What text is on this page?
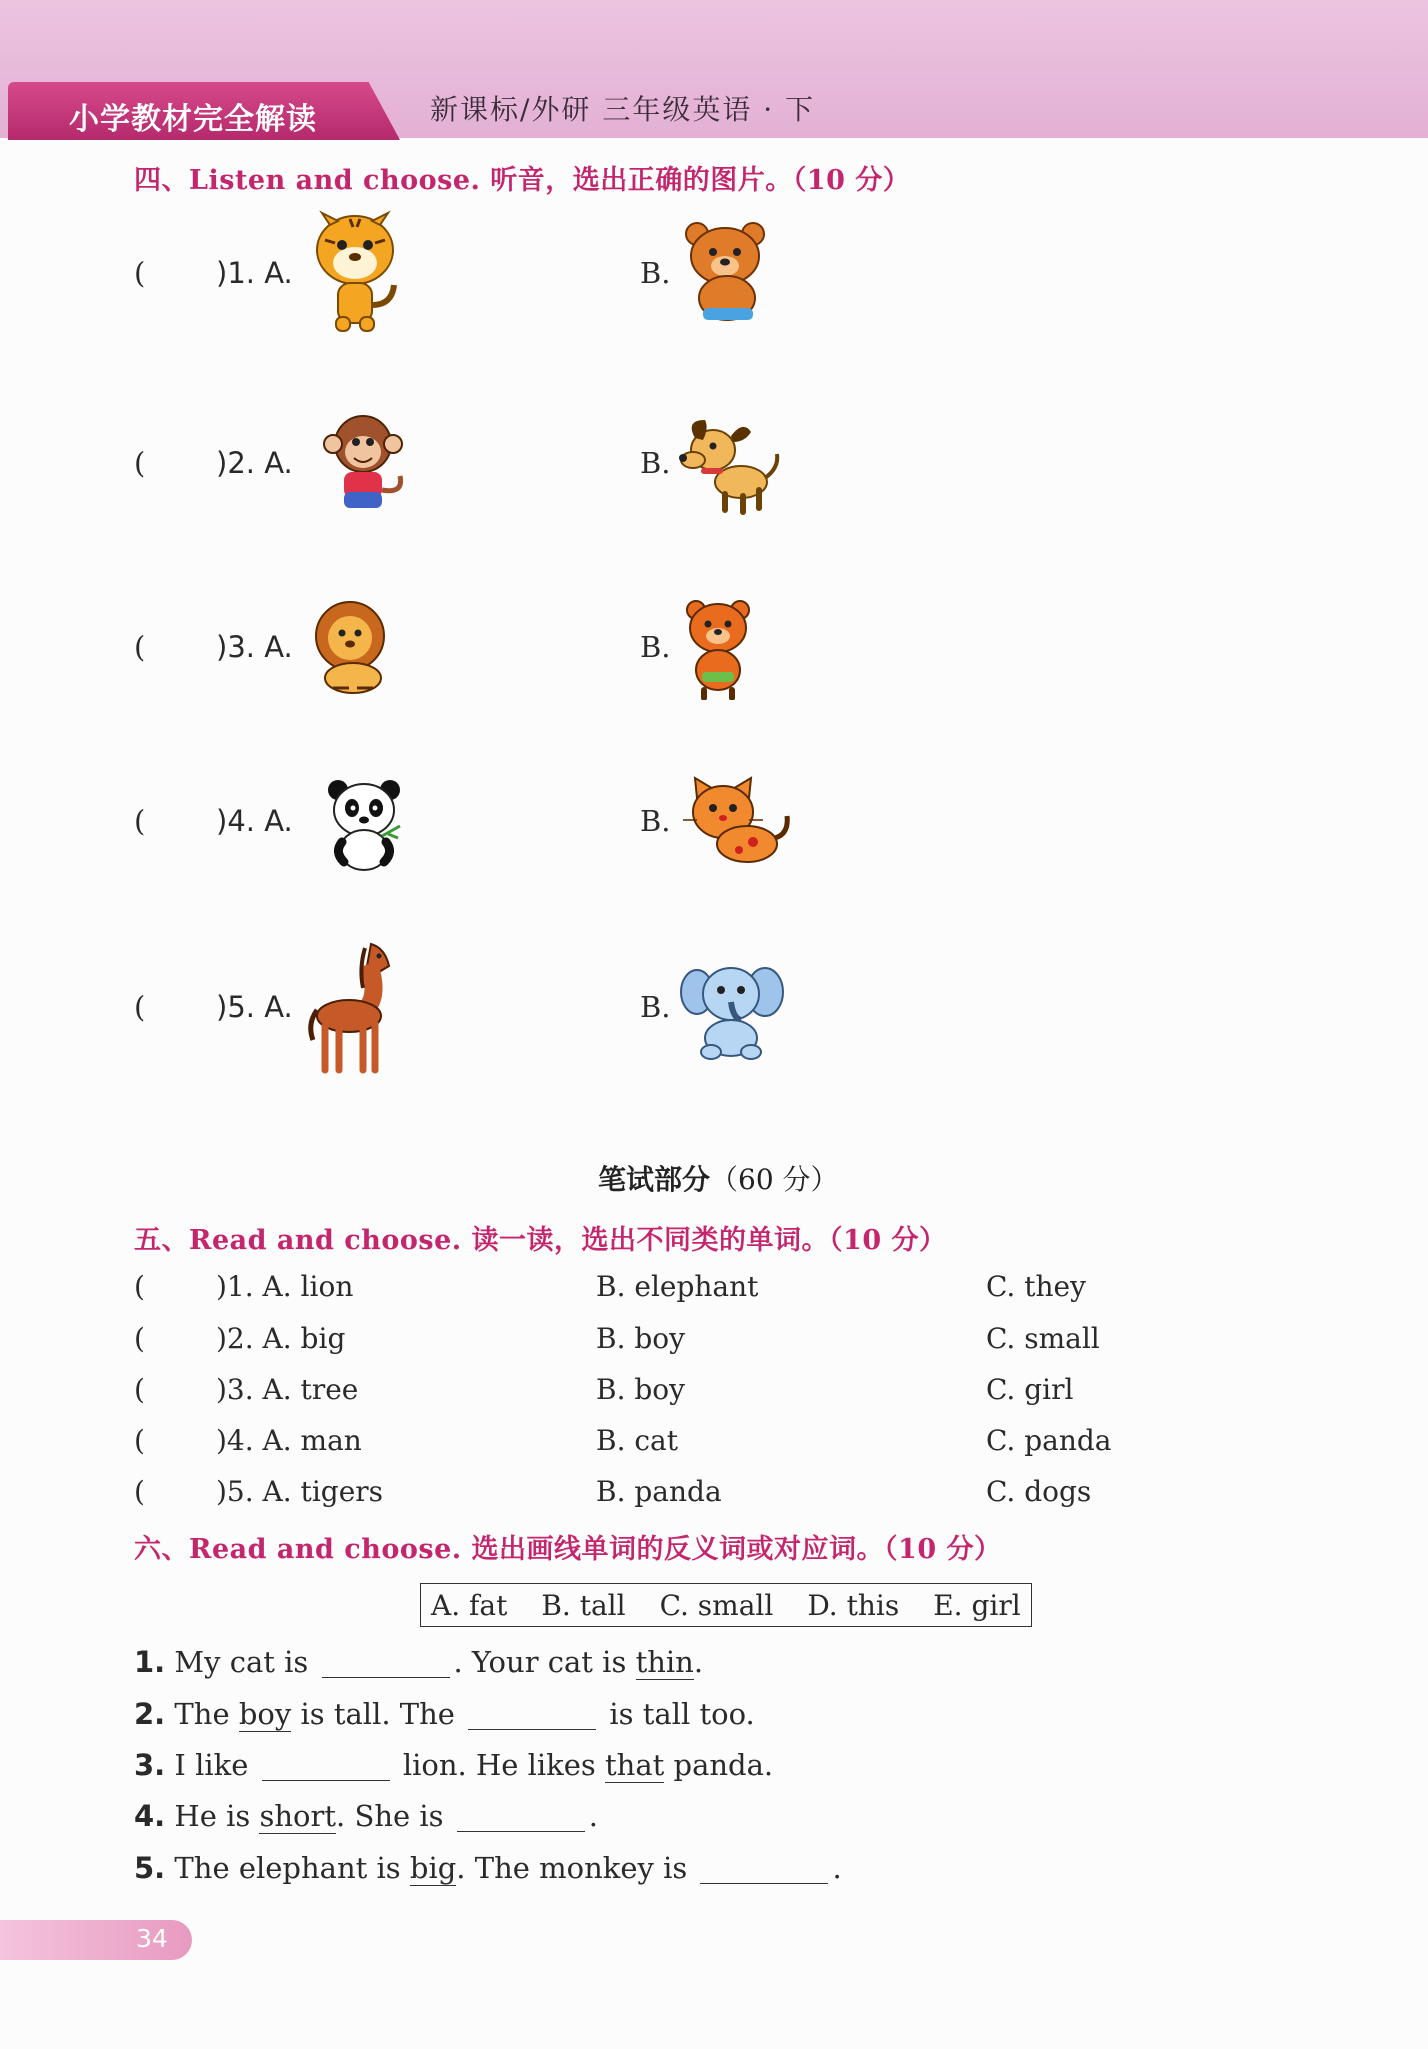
小学教材完全解读	新课标/外研 三年级英语 · 下
四、Listen and choose. 听音，选出正确的图片。（10 分）
( )1. A.	B.
( )2. A.	B.
( )3. A.	B.
( )4. A.	B.
( )5. A.	B.
笔试部分（60 分）
五、Read and choose. 读一读，选出不同类的单词。（10 分）
(	)1. A. lion	B. elephant	C. they
(	)2. A. big	B. boy	C. small
(	)3. A. tree	B. boy	C. girl
(	)4. A. man	B. cat	C. panda
(	)5. A. tigers	B. panda	C. dogs
六、Read and choose. 选出画线单词的反义词或对应词。（10 分）
A. fat B. tall C. small D. this E. girl
1. My cat is	. Your cat is thin.
2. The boy is tall. The	is tall too.
3. I like	lion. He likes that panda.
4. He is short. She is	.
5. The elephant is big. The monkey is	.
34
